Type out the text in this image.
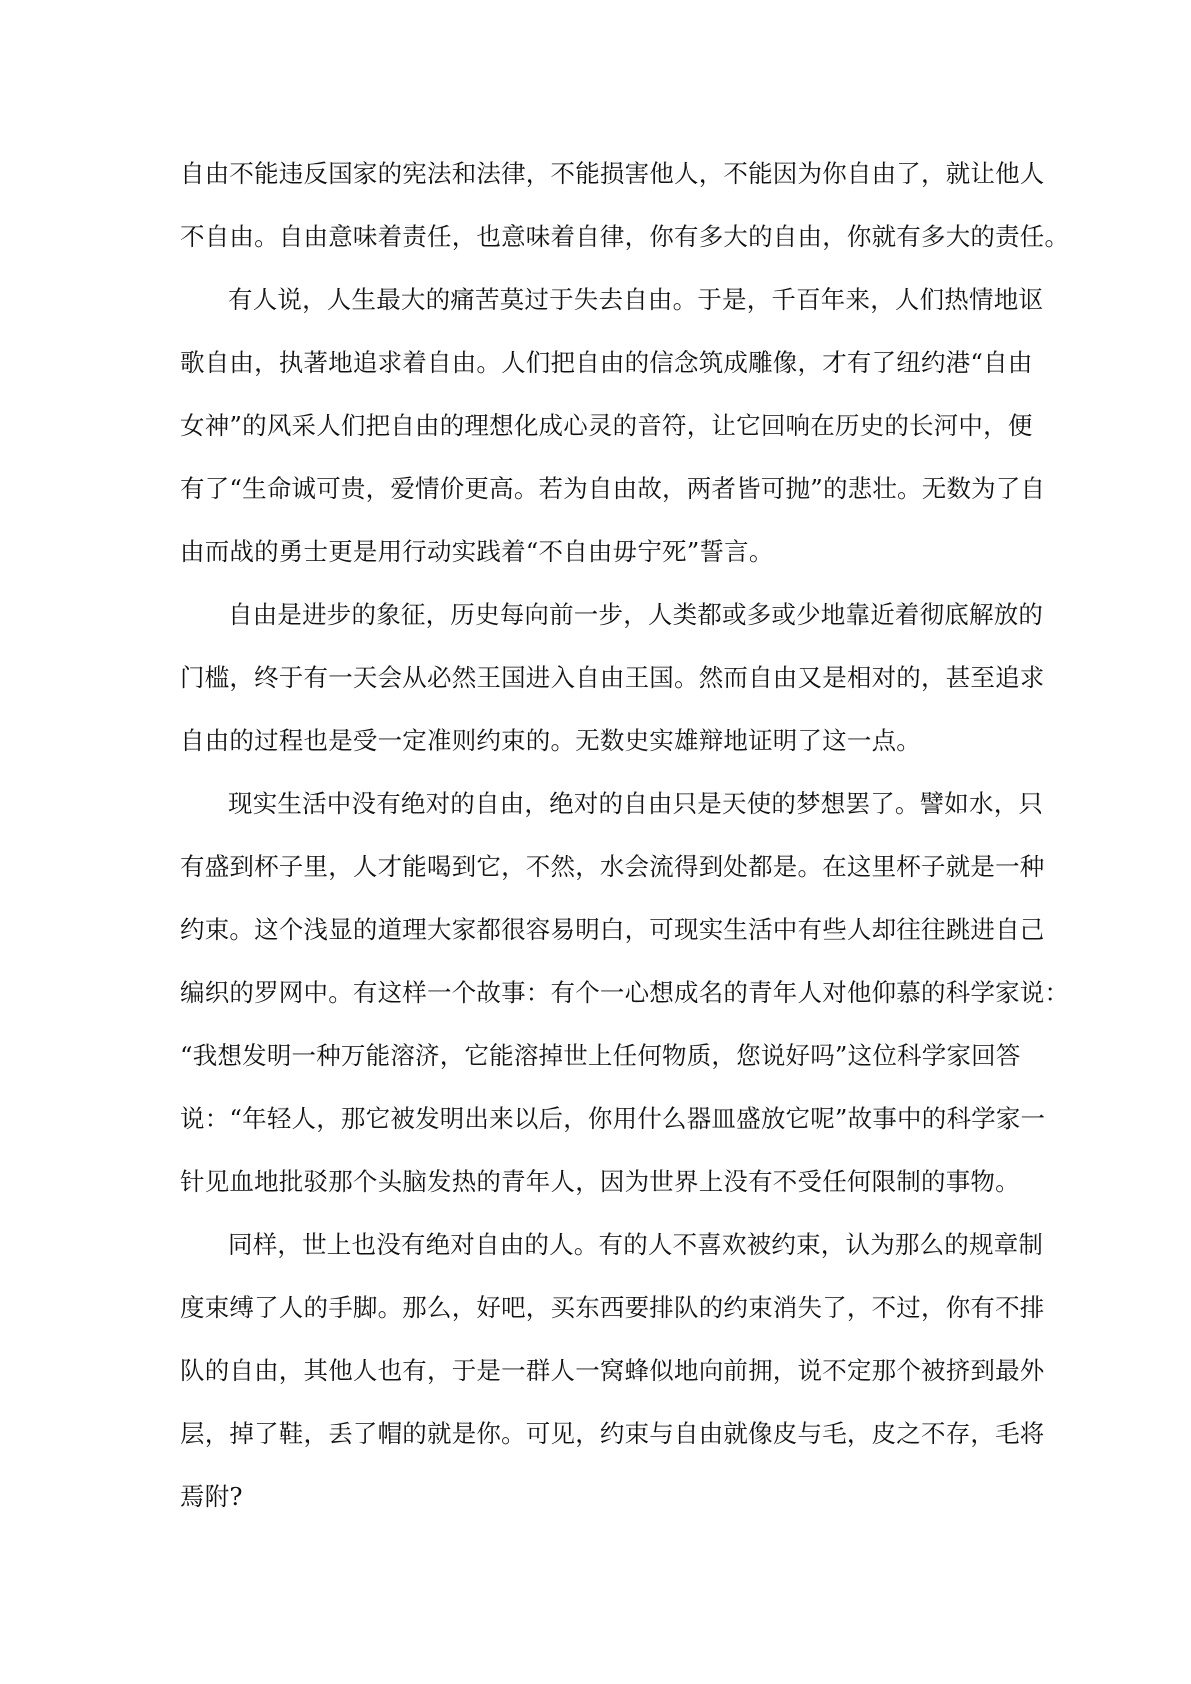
自由不能违反国家的宪法和法律，不能损害他人，不能因为你自由了，就让他人
不自由。自由意味着责任，也意味着自律，你有多大的自由，你就有多大的责任。
有人说，人生最大的痛苦莫过于失去自由。于是，千百年来，人们热情地讴
歌自由，执著地追求着自由。人们把自由的信念筑成雕像，才有了纽约港“自由
女神”的风采人们把自由的理想化成心灵的音符，让它回响在历史的长河中，便
有了“生命诚可贵，爱情价更高。若为自由故，两者皆可抛”的悲壮。无数为了自
由而战的勇士更是用行动实践着“不自由毋宁死”誓言。
自由是进步的象征，历史每向前一步，人类都或多或少地靠近着彻底解放的
门槛，终于有一天会从必然王国进入自由王国。然而自由又是相对的，甚至追求
自由的过程也是受一定准则约束的。无数史实雄辩地证明了这一点。
现实生活中没有绝对的自由，绝对的自由只是天使的梦想罢了。譬如水，只
有盛到杯子里，人才能喝到它，不然，水会流得到处都是。在这里杯子就是一种
约束。这个浅显的道理大家都很容易明白，可现实生活中有些人却往往跳进自己
编织的罗网中。有这样一个故事：有个一心想成名的青年人对他仰慕的科学家说：
“我想发明一种万能溶济，它能溶掉世上任何物质，您说好吗”这位科学家回答
说：“年轻人，那它被发明出来以后，你用什么器皿盛放它呢”故事中的科学家一
针见血地批驳那个头脑发热的青年人，因为世界上没有不受任何限制的事物。
同样，世上也没有绝对自由的人。有的人不喜欢被约束，认为那么的规章制
度束缚了人的手脚。那么，好吧，买东西要排队的约束消失了，不过，你有不排
队的自由，其他人也有，于是一群人一窝蜂似地向前拥，说不定那个被挤到最外
层，掉了鞋，丢了帽的就是你。可见，约束与自由就像皮与毛，皮之不存，毛将
焉附?
